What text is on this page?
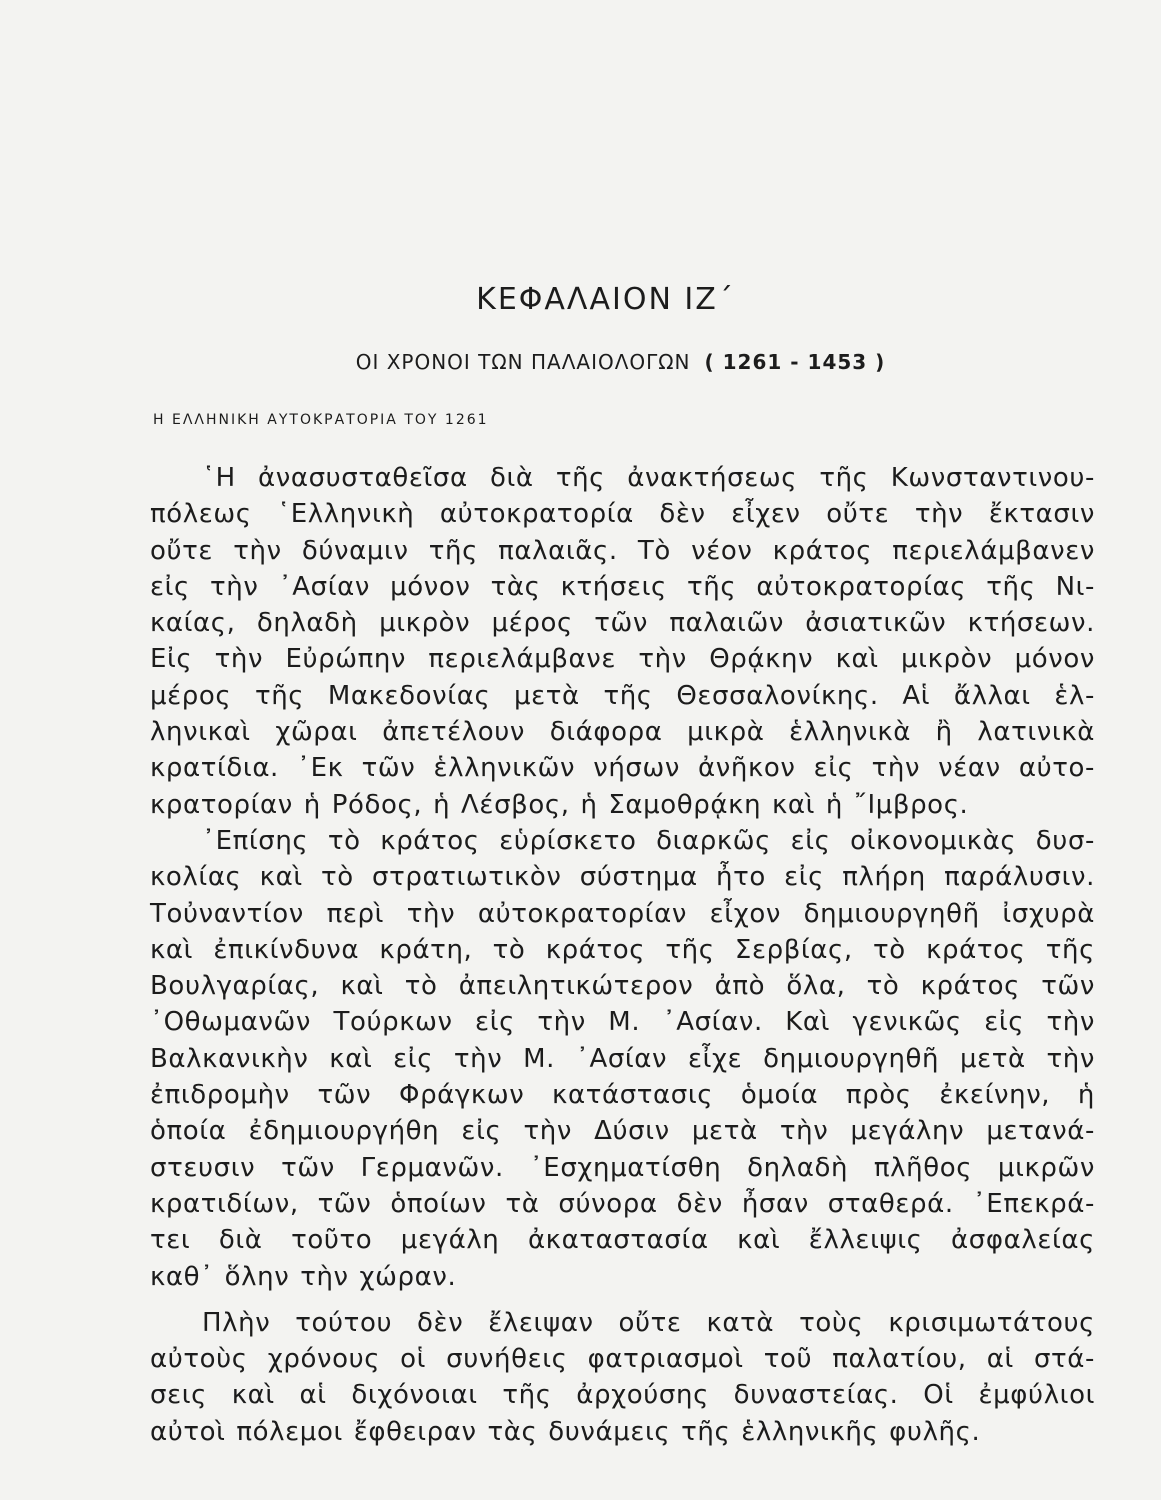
ΚΕΦΑΛΑΙΟΝ ΙΖ΄
ΟΙ ΧΡΟΝΟΙ ΤΩΝ ΠΑΛΑΙΟΛΟΓΩΝ ( 1261 - 1453 )
Η ΕΛΛΗΝΙΚΗ ΑΥΤΟΚΡΑΤΟΡΙΑ ΤΟΥ 1261
῾Η ἀνασυσταθεῖσα διὰ τῆς ἀνακτήσεως τῆς Κωνσταντινου-
πόλεως ῾Ελληνικὴ αὐτοκρατορία δὲν εἶχεν οὔτε τὴν ἔκτασιν
οὔτε τὴν δύναμιν τῆς παλαιᾶς. Τὸ νέον κράτος περιελάμβανεν
εἰς τὴν ᾿Ασίαν μόνον τὰς κτήσεις τῆς αὐτοκρατορίας τῆς Νι-
καίας, δηλαδὴ μικρὸν μέρος τῶν παλαιῶν ἀσιατικῶν κτήσεων.
Εἰς τὴν Εὐρώπην περιελάμβανε τὴν Θρᾴκην καὶ μικρὸν μόνον
μέρος τῆς Μακεδονίας μετὰ τῆς Θεσσαλονίκης. Αἱ ἄλλαι ἑλ-
ληνικαὶ χῶραι ἀπετέλουν διάφορα μικρὰ ἑλληνικὰ ἢ λατινικὰ
κρατίδια. ᾿Εκ τῶν ἑλληνικῶν νήσων ἀνῆκον εἰς τὴν νέαν αὐτο-
κρατορίαν ἡ Ρόδος, ἡ Λέσβος, ἡ Σαμοθρᾴκη καὶ ἡ ῎Ιμβρος.
᾿Επίσης τὸ κράτος εὑρίσκετο διαρκῶς εἰς οἰκονομικὰς δυσ-
κολίας καὶ τὸ στρατιωτικὸν σύστημα ἦτο εἰς πλήρη παράλυσιν.
Τοὐναντίον περὶ τὴν αὐτοκρατορίαν εἶχον δημιουργηθῆ ἰσχυρὰ
καὶ ἐπικίνδυνα κράτη, τὸ κράτος τῆς Σερβίας, τὸ κράτος τῆς
Βουλγαρίας, καὶ τὸ ἀπειλητικώτερον ἀπὸ ὅλα, τὸ κράτος τῶν
᾿Οθωμανῶν Τούρκων εἰς τὴν Μ. ᾿Ασίαν. Καὶ γενικῶς εἰς τὴν
Βαλκανικὴν καὶ εἰς τὴν Μ. ᾿Ασίαν εἶχε δημιουργηθῆ μετὰ τὴν
ἐπιδρομὴν τῶν Φράγκων κατάστασις ὁμοία πρὸς ἐκείνην, ἡ
ὁποία ἐδημιουργήθη εἰς τὴν Δύσιν μετὰ τὴν μεγάλην μετανά-
στευσιν τῶν Γερμανῶν. ᾿Εσχηματίσθη δηλαδὴ πλῆθος μικρῶν
κρατιδίων, τῶν ὁποίων τὰ σύνορα δὲν ἦσαν σταθερά. ᾿Επεκρά-
τει διὰ τοῦτο μεγάλη ἀκαταστασία καὶ ἔλλειψις ἀσφαλείας
καθ᾿ ὅλην τὴν χώραν.
Πλὴν τούτου δὲν ἔλειψαν οὔτε κατὰ τοὺς κρισιμωτάτους
αὐτοὺς χρόνους οἱ συνήθεις φατριασμοὶ τοῦ παλατίου, αἱ στά-
σεις καὶ αἱ διχόνοιαι τῆς ἀρχούσης δυναστείας. Οἱ ἐμφύλιοι
αὐτοὶ πόλεμοι ἔφθειραν τὰς δυνάμεις τῆς ἑλληνικῆς φυλῆς.
